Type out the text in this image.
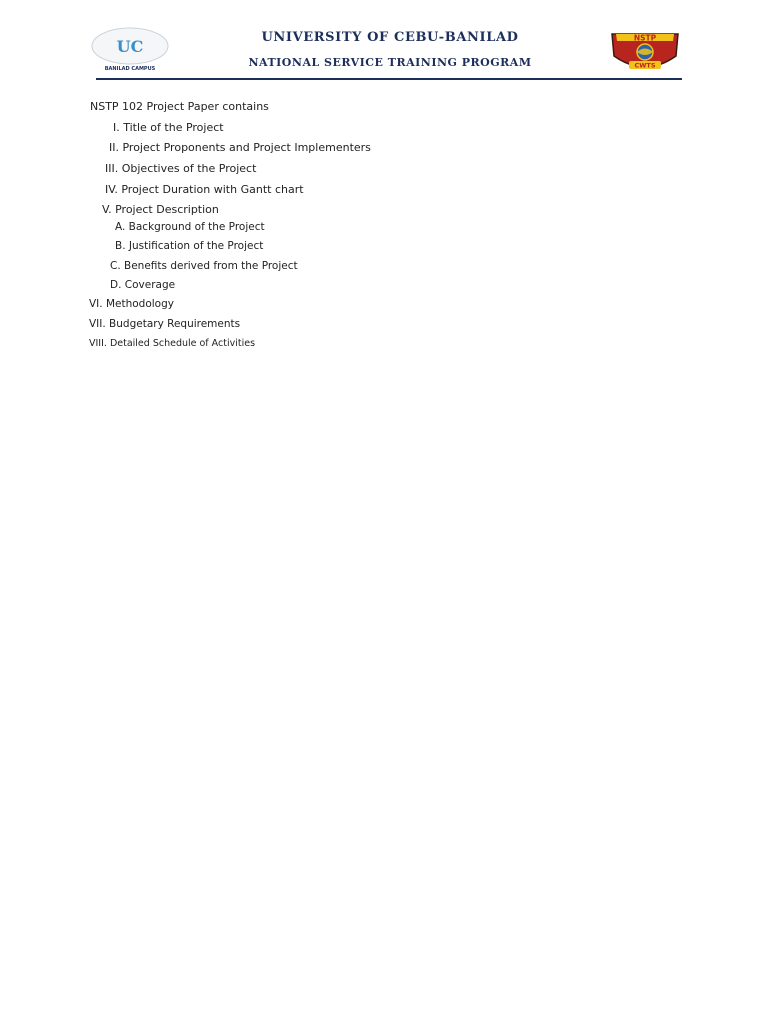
UC
BANILAD CAMPUS
UNIVERSITY OF CEBU-BANILAD
NATIONAL SERVICE TRAINING PROGRAM
NSTP
CWTS
NSTP 102 Project Paper contains
I. Title of the Project
II. Project Proponents and Project Implementers
III. Objectives of the Project
IV. Project Duration with Gantt chart
V. Project Description
A. Background of the Project
B. Justification of the Project
C. Benefits derived from the Project
D. Coverage
VI. Methodology
VII. Budgetary Requirements
VIII. Detailed Schedule of Activities
